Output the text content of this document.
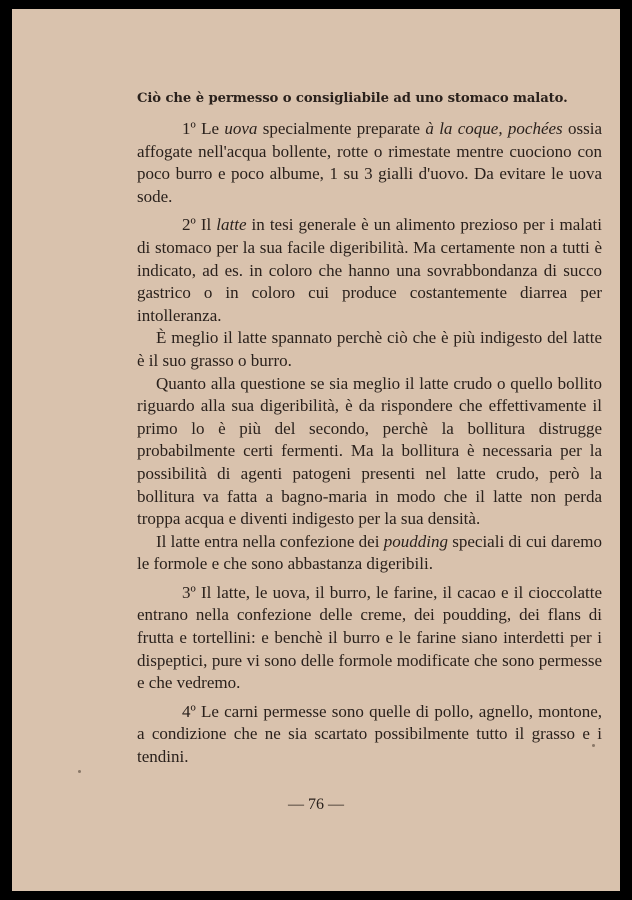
Ciò che è permesso o consigliabile ad uno stomaco malato.

1º Le uova specialmente preparate à la coque, pochées ossia affogate nell'acqua bollente, rotte o rimestate mentre cuociono con poco burro e poco albume, 1 su 3 gialli d'uovo. Da evitare le uova sode.

2º Il latte in tesi generale è un alimento prezioso per i malati di stomaco per la sua facile digeribilità. Ma certamente non a tutti è indicato, ad es. in coloro che hanno una sovrabbondanza di succo gastrico o in coloro cui produce costantemente diarrea per intolleranza.

È meglio il latte spannato perchè ciò che è più indigesto del latte è il suo grasso o burro.

Quanto alla questione se sia meglio il latte crudo o quello bollito riguardo alla sua digeribilità, è da rispondere che effettivamente il primo lo è più del secondo, perchè la bollitura distrugge probabilmente certi fermenti. Ma la bollitura è necessaria per la possibilità di agenti patogeni presenti nel latte crudo, però la bollitura va fatta a bagno-maria in modo che il latte non perda troppa acqua e diventi indigesto per la sua densità.

Il latte entra nella confezione dei poudding speciali di cui daremo le formole e che sono abbastanza digeribili.

3º Il latte, le uova, il burro, le farine, il cacao e il cioccolatte entrano nella confezione delle creme, dei poudding, dei flans di frutta e tortellini: e benchè il burro e le farine siano interdetti per i dispeptici, pure vi sono delle formole modificate che sono permesse e che vedremo.

4º Le carni permesse sono quelle di pollo, agnello, montone, a condizione che ne sia scartato possibilmente tutto il grasso e i tendini.

— 76 —
